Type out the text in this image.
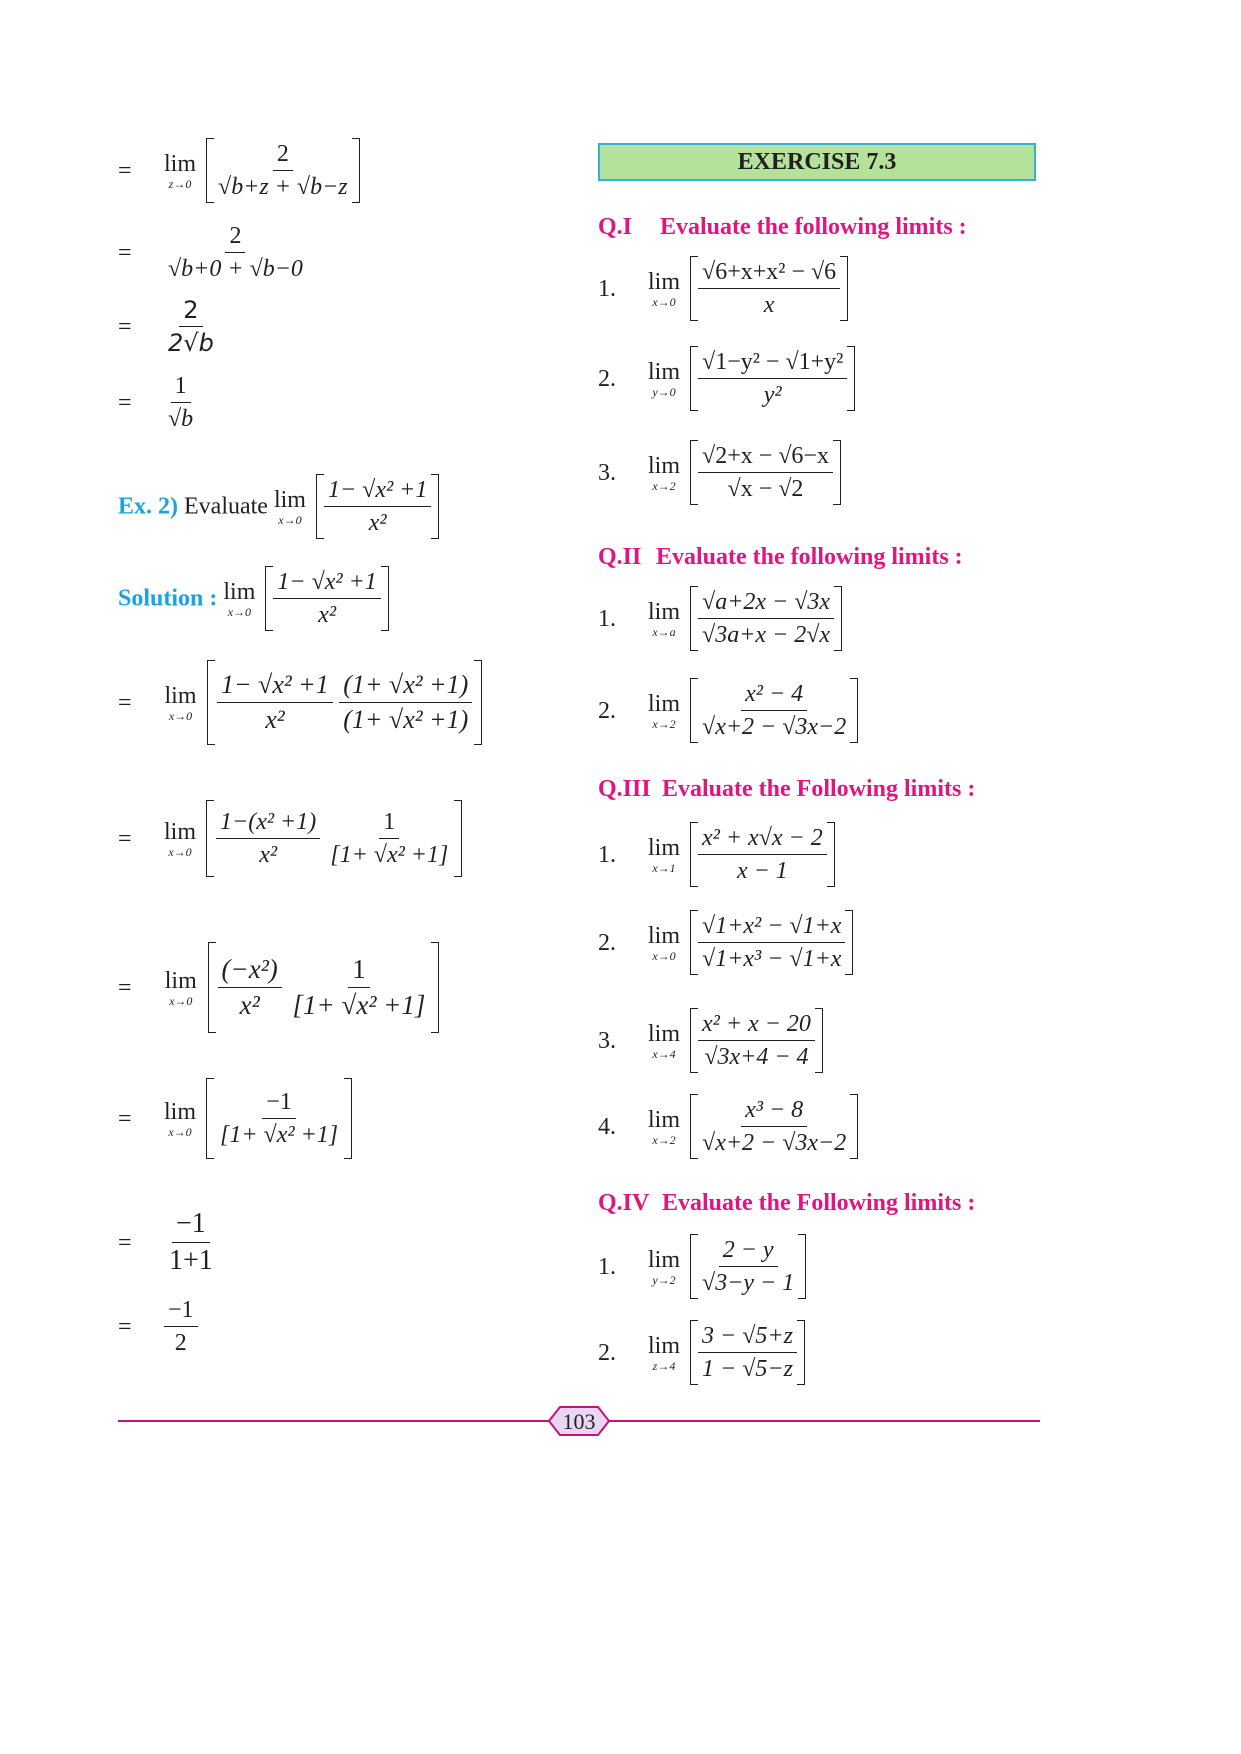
= lim
z→0
$\frac{2}{√b+z + √b-z}$
= $\frac{2}{√b+0 + √b-0}$
= $\frac{2}{2√b}$
= $\frac{1}{√b}$
Ex. 2) Evaluate lim
x→0
$\frac{\text{1− √x² +1}}{\text{x²}}$
Solution : lim
x→0
$\frac{\text{1− √x² +1}}{\text{x²}}$
= lim
x→0
$\frac{\text{1− √x² +1}}{\text{x²}}$
$\frac{\text{(1+ √x² +1)}}{\text{(1+ √x² +1)}}$
= lim
x→0
$\frac{\text{1−(x² +1)}}{\text{x²}}$
$\frac{1}{\text{[1+ √x² +1]}}$
= lim
x→0
$\frac{\text{(−x²)}}{\text{x²}}$
$\frac{1}{\text{[1+ √x² +1]}}$
= lim
x→0
$\frac{-1}{\text{[1+ √x² +1]}}$
= $\frac{-1}{1+1}$
= $\frac{-1}{2}$
EXERCISE 7.3
Q.I Evaluate the following limits :
1. lim
x→0
$\frac{\text{√6+x+x² − √6}}{x}$
2. lim
y→0
$\frac{\text{√1−y² − √1+y²}}{\text{y²}}$
3. lim
x→2
$\frac{√2+x - √6-x}{√x - √2}$
Q.II Evaluate the following limits :
1. lim
x→a
$\frac{√a+2x - √3x}{√3a+x - 2√x}$
2. lim
x→2
$\frac{\text{x² − 4}}{√x+2 - √3x-2}$
Q.III Evaluate the Following limits :
1. lim
x→1
$\frac{\text{x² + x√x − 2}}{x - 1}$
2. lim
x→0
$\frac{\text{√1+x² − √1+x}}{\text{√1+x³ − √1+x}}$
3. lim
x→4
$\frac{\text{x² + x − 20}}{√3x+4 - 4}$
4. lim
x→2
$\frac{\text{x³ − 8}}{√x+2 - √3x-2}$
Q.IV Evaluate the Following limits :
1. lim
y→2
$\frac{2 - y}{√3-y - 1}$
2. lim
z→4
$\frac{3 - √5+z}{1 - √5-z}$
103
